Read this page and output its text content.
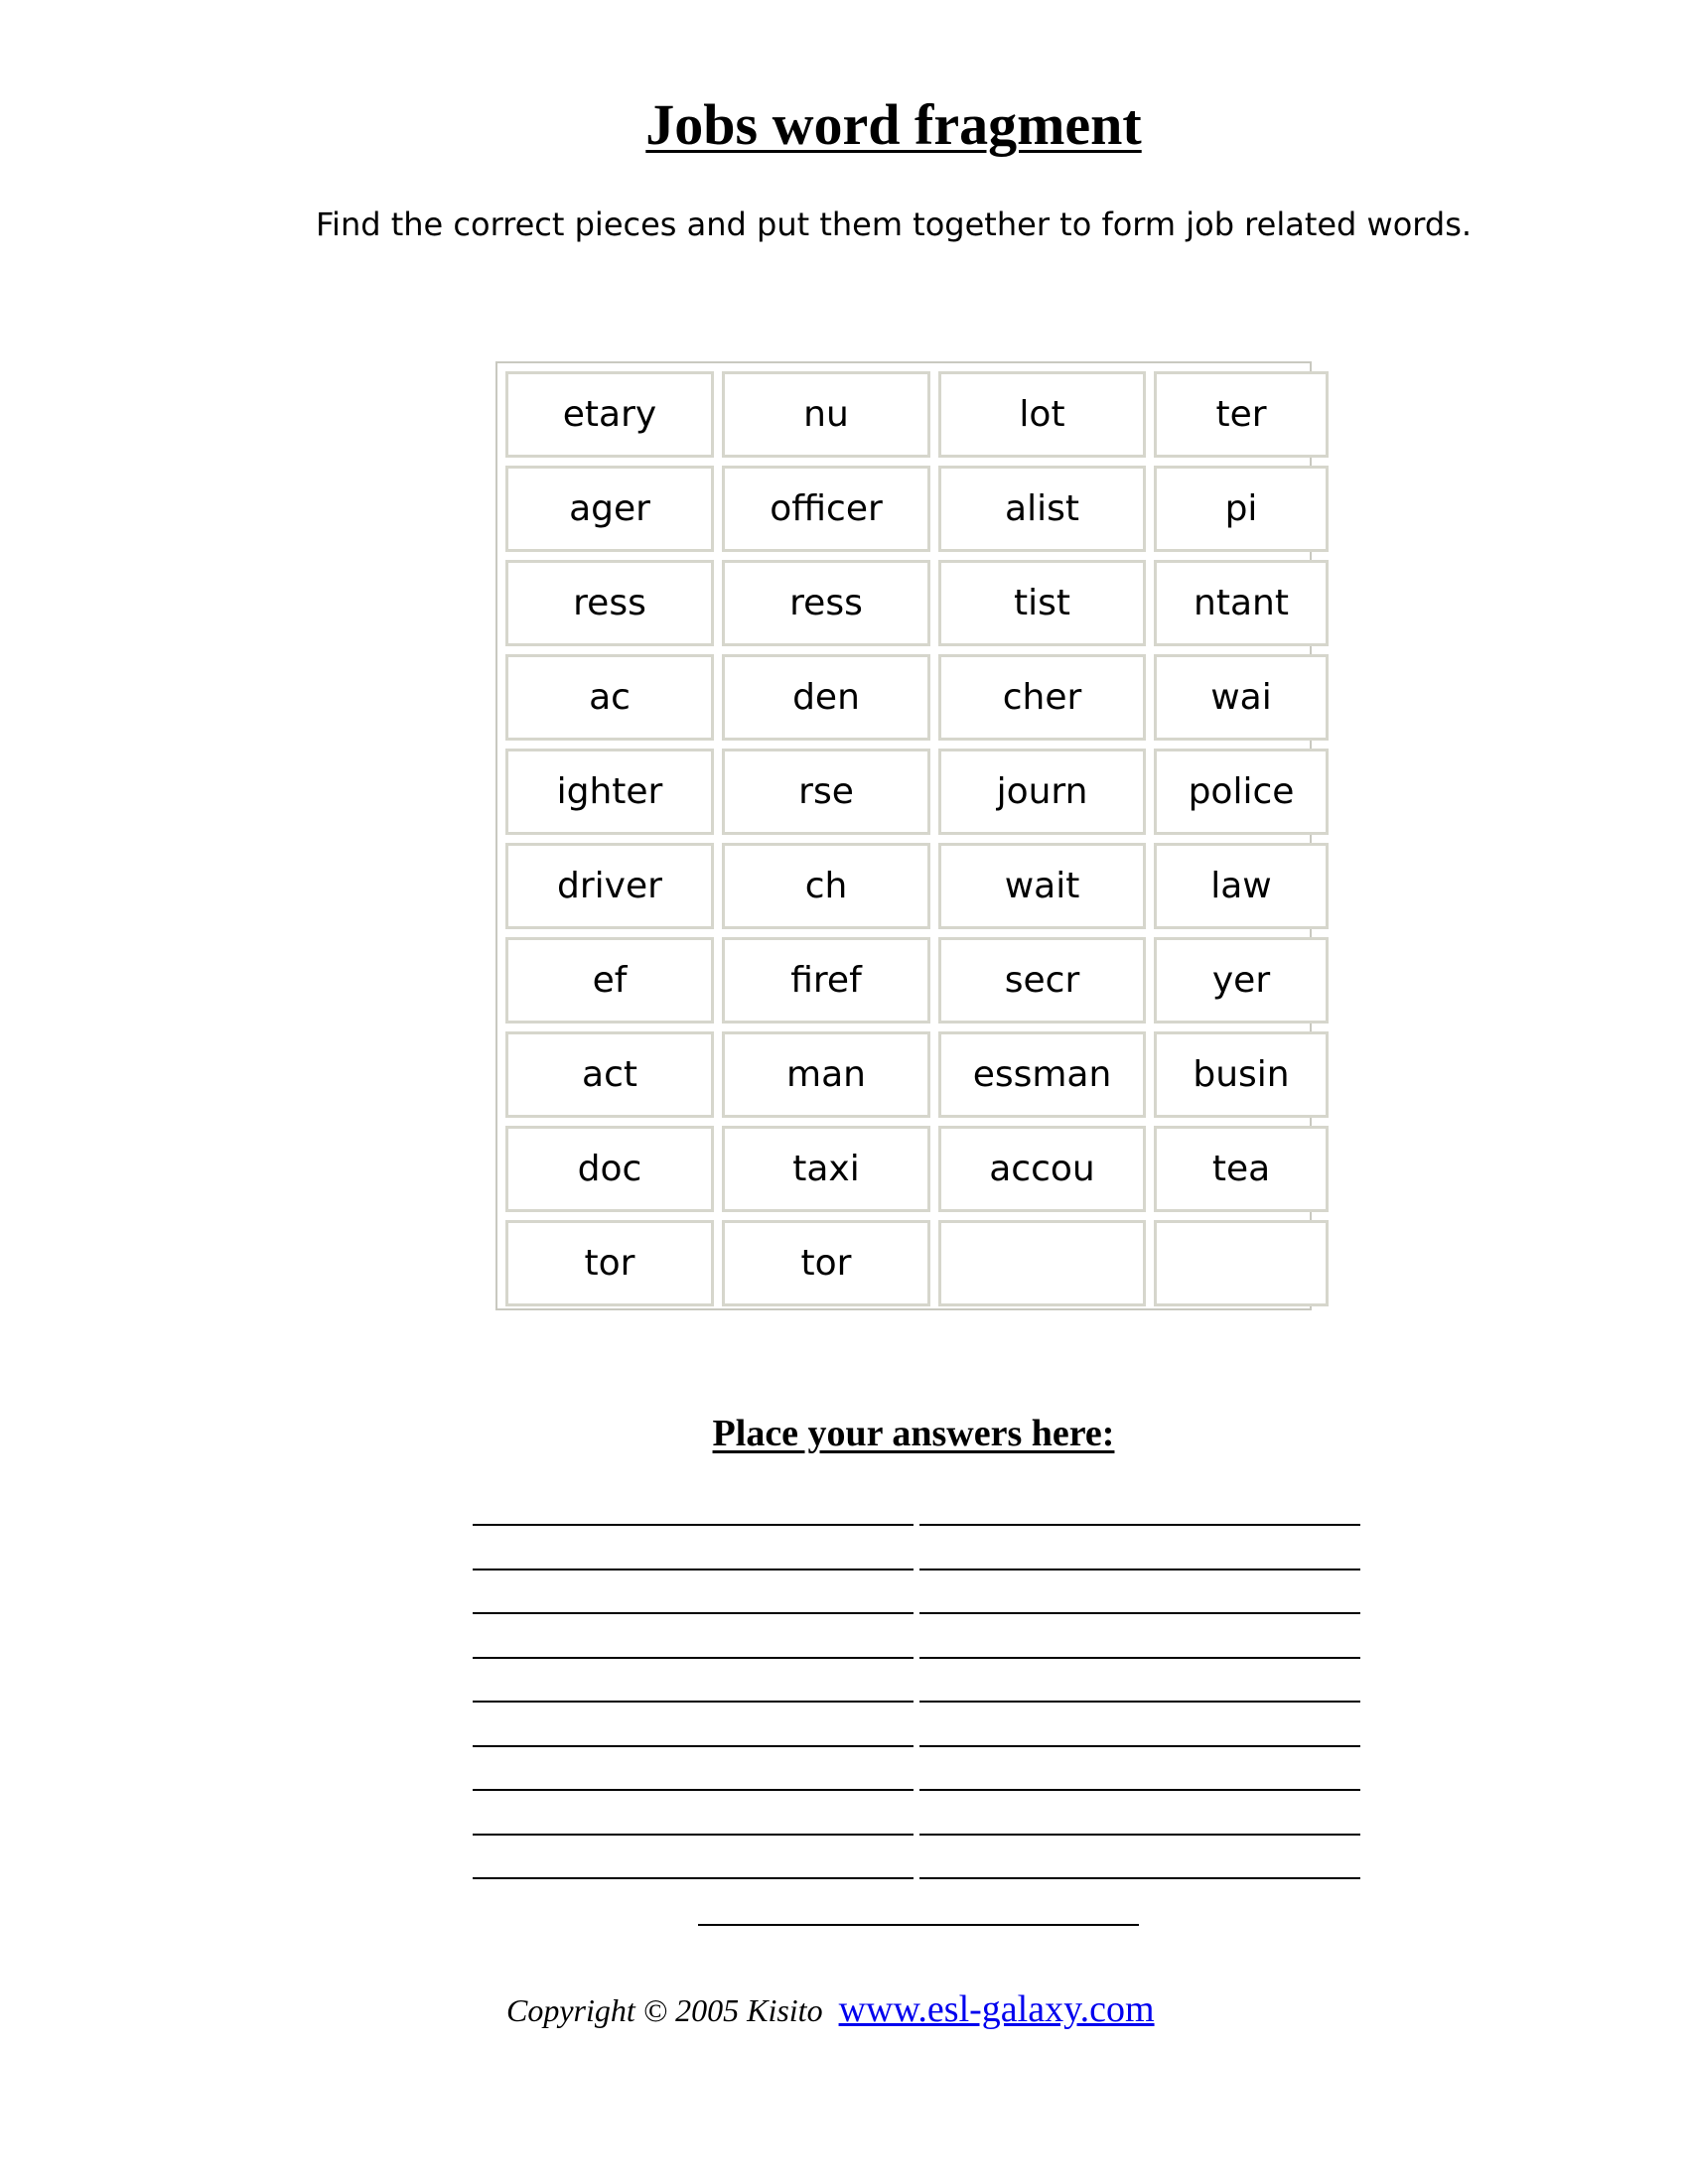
Jobs word fragment

Find the correct pieces and put them together to form job related words.

etary	nu	lot	ter
ager	officer	alist	pi
ress	ress	tist	ntant
ac	den	cher	wai
ighter	rse	journ	police
driver	ch	wait	law
ef	firef	secr	yer
act	man	essman	busin
doc	taxi	accou	tea
tor	tor
Place your answers here:
Copyright © 2005 Kisito www.esl-galaxy.com
